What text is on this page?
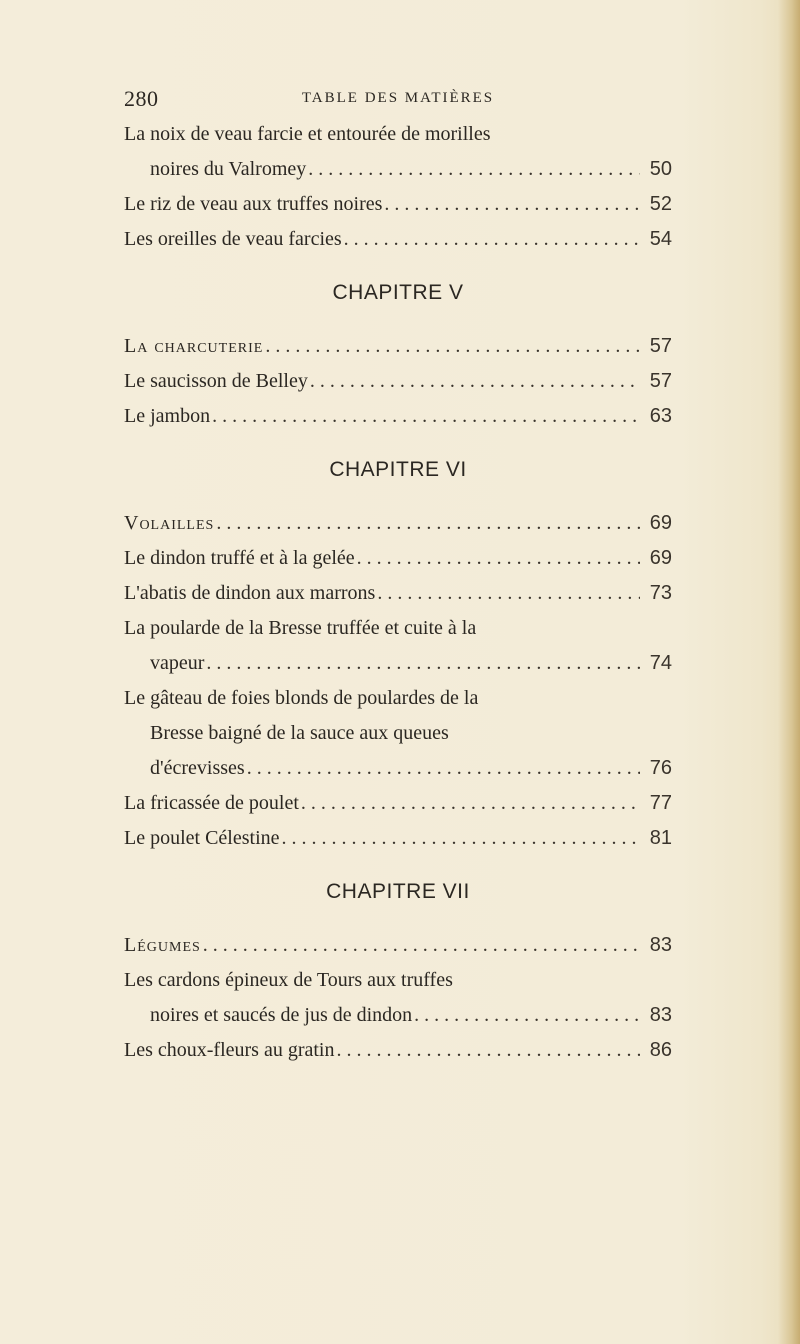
280	TABLE DES MATIÈRES
La noix de veau farcie et entourée de morilles
noires du Valromey . . .	50
Le riz de veau aux truffes noires . . .	52
Les oreilles de veau farcies . . .	54
CHAPITRE V
La charcuterie . . .	57
Le saucisson de Belley . . .	57
Le jambon . . .	63
CHAPITRE VI
Volailles . . .	69
Le dindon truffé et à la gelée . . .	69
L'abatis de dindon aux marrons . . .	73
La poularde de la Bresse truffée et cuite à la
vapeur . . .	74
Le gâteau de foies blonds de poulardes de la
Bresse baigné de la sauce aux queues
d'écrevisses . . .	76
La fricassée de poulet . . .	77
Le poulet Célestine . . .	81
CHAPITRE VII
Légumes . . .	83
Les cardons épineux de Tours aux truffes
noires et saucés de jus de dindon . . .	83
Les choux-fleurs au gratin . . .	86
